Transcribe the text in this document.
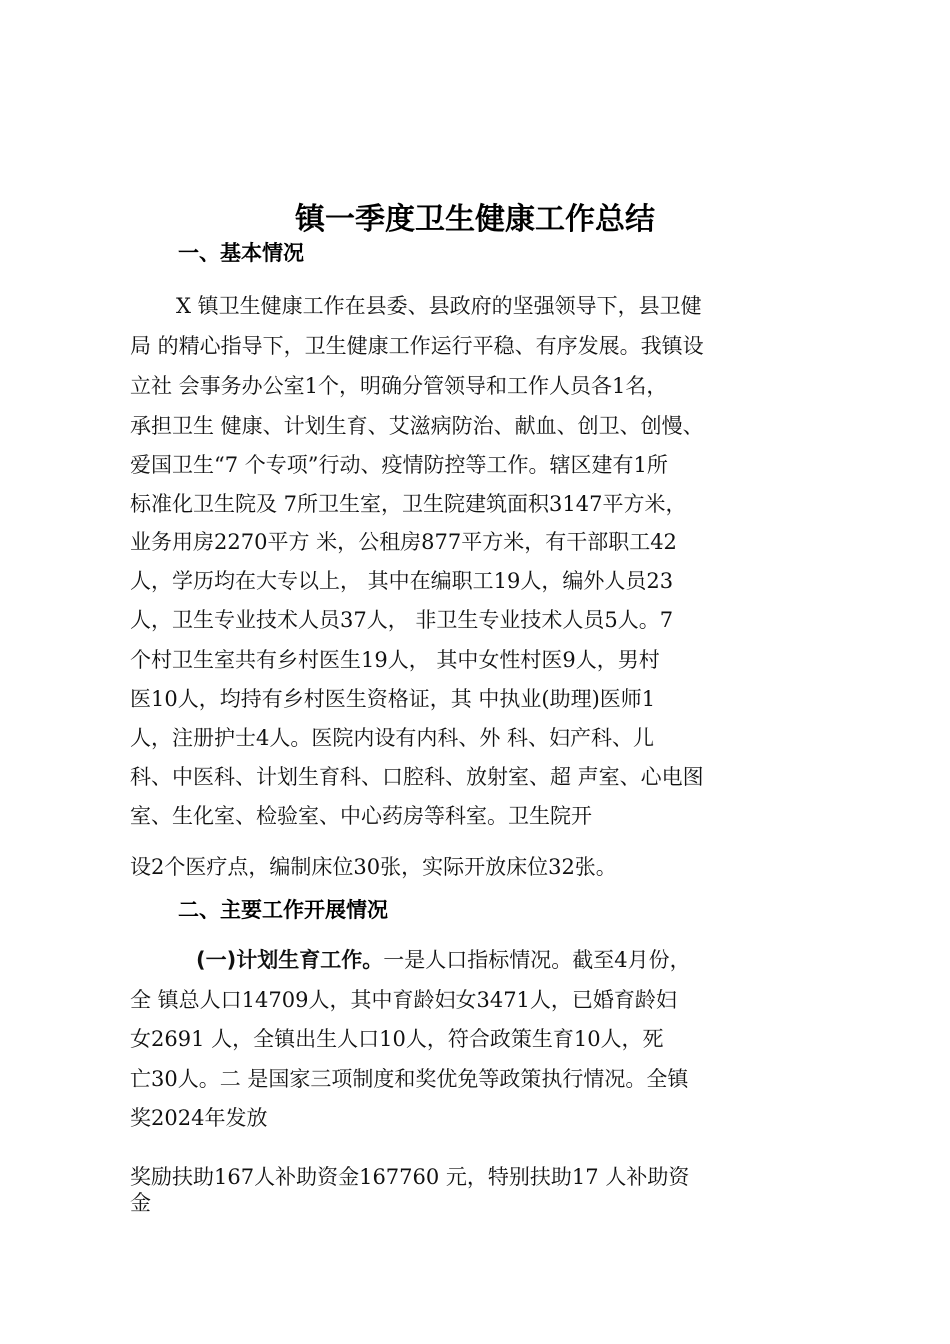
镇一季度卫生健康工作总结
一、基本情况

X 镇卫生健康工作在县委、县政府的坚强领导下，县卫健

局 的精心指导下，卫生健康工作运行平稳、有序发展。我镇设

立社 会事务办公室1个，明确分管领导和工作人员各1名，

承担卫生 健康、计划生育、艾滋病防治、献血、创卫、创慢、

爱国卫生“7 个专项”行动、疫情防控等工作。辖区建有1所

标准化卫生院及 7所卫生室，卫生院建筑面积3147平方米，

业务用房2270平方 米，公租房877平方米，有干部职工42

人，学历均在大专以上， 其中在编职工19人，编外人员23

人，卫生专业技术人员37人， 非卫生专业技术人员5人。7

个村卫生室共有乡村医生19人， 其中女性村医9人，男村

医10人，均持有乡村医生资格证，其 中执业(助理)医师1

人，注册护士4人。医院内设有内科、外 科、妇产科、儿

科、中医科、计划生育科、口腔科、放射室、超 声室、心电图

室、生化室、检验室、中心药房等科室。卫生院开

设2个医疗点，编制床位30张，实际开放床位32张。

二、主要工作开展情况

(一)计划生育工作。一是人口指标情况。截至4月份，

全 镇总人口14709人，其中育龄妇女3471人，已婚育龄妇

女2691 人，全镇出生人口10人，符合政策生育10人，死

亡30人。二 是国家三项制度和奖优免等政策执行情况。全镇

奖2024年发放

奖励扶助167人补助资金167760 元，特别扶助17 人补助资

金
